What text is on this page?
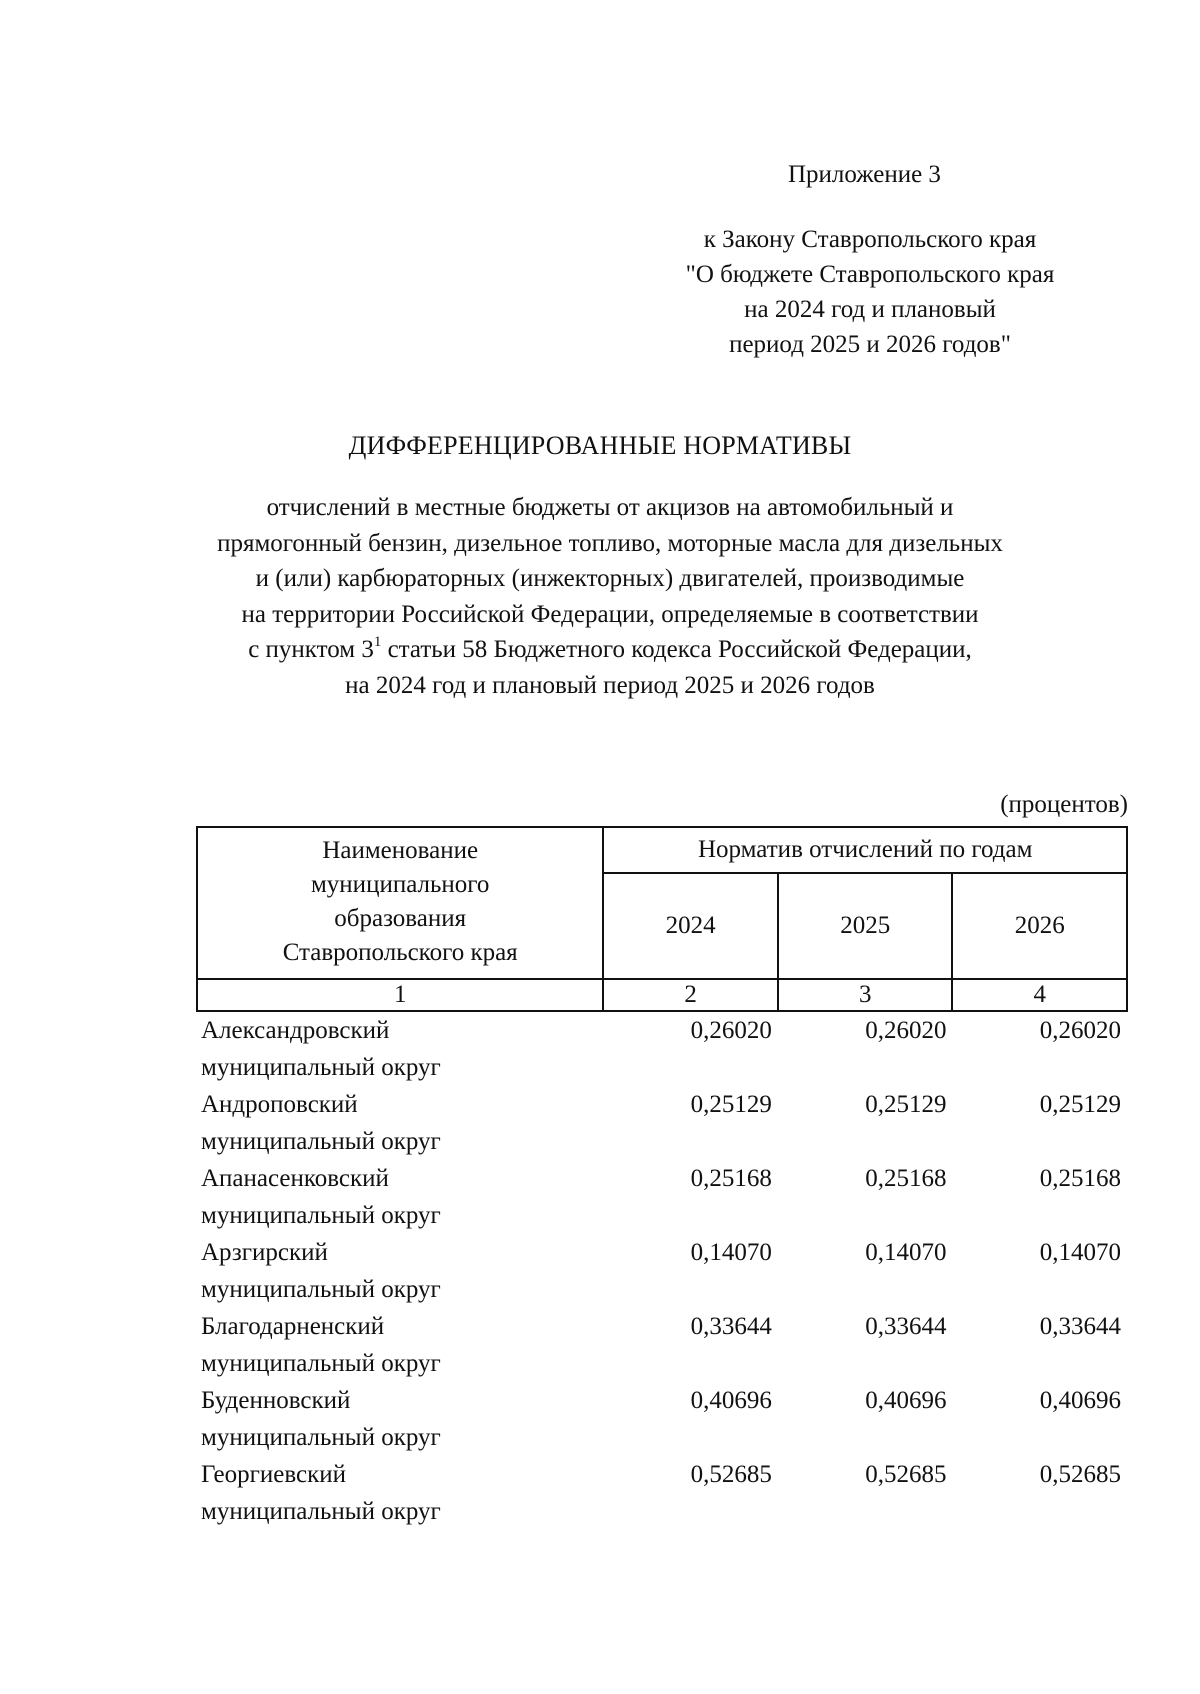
Приложение 3
к Закону Ставропольского края
"О бюджете Ставропольского края
на 2024 год и плановый
период 2025 и 2026 годов"
ДИФФЕРЕНЦИРОВАННЫЕ НОРМАТИВЫ
отчислений в местные бюджеты от акцизов на автомобильный и
прямогонный бензин, дизельное топливо, моторные масла для дизельных
и (или) карбюраторных (инжекторных) двигателей, производимые
на территории Российской Федерации, определяемые в соответствии
с пунктом $3^1$ статьи 58 Бюджетного кодекса Российской Федерации,
на 2024 год и плановый период 2025 и 2026 годов
(процентов)
Наименование
муниципального
образования
Ставропольского края	Норматив отчислений по годам		
	2024	2025	2026
1	2	3	4

Александровский
муниципальный округ	0,26020	0,26020	0,26020

Андроповский
муниципальный округ	0,25129	0,25129	0,25129

Апанасенковский
муниципальный округ	0,25168	0,25168	0,25168

Арзгирский
муниципальный округ	0,14070	0,14070	0,14070

Благодарненский
муниципальный округ	0,33644	0,33644	0,33644

Буденновский
муниципальный округ	0,40696	0,40696	0,40696

Георгиевский
муниципальный округ	0,52685	0,52685	0,52685
